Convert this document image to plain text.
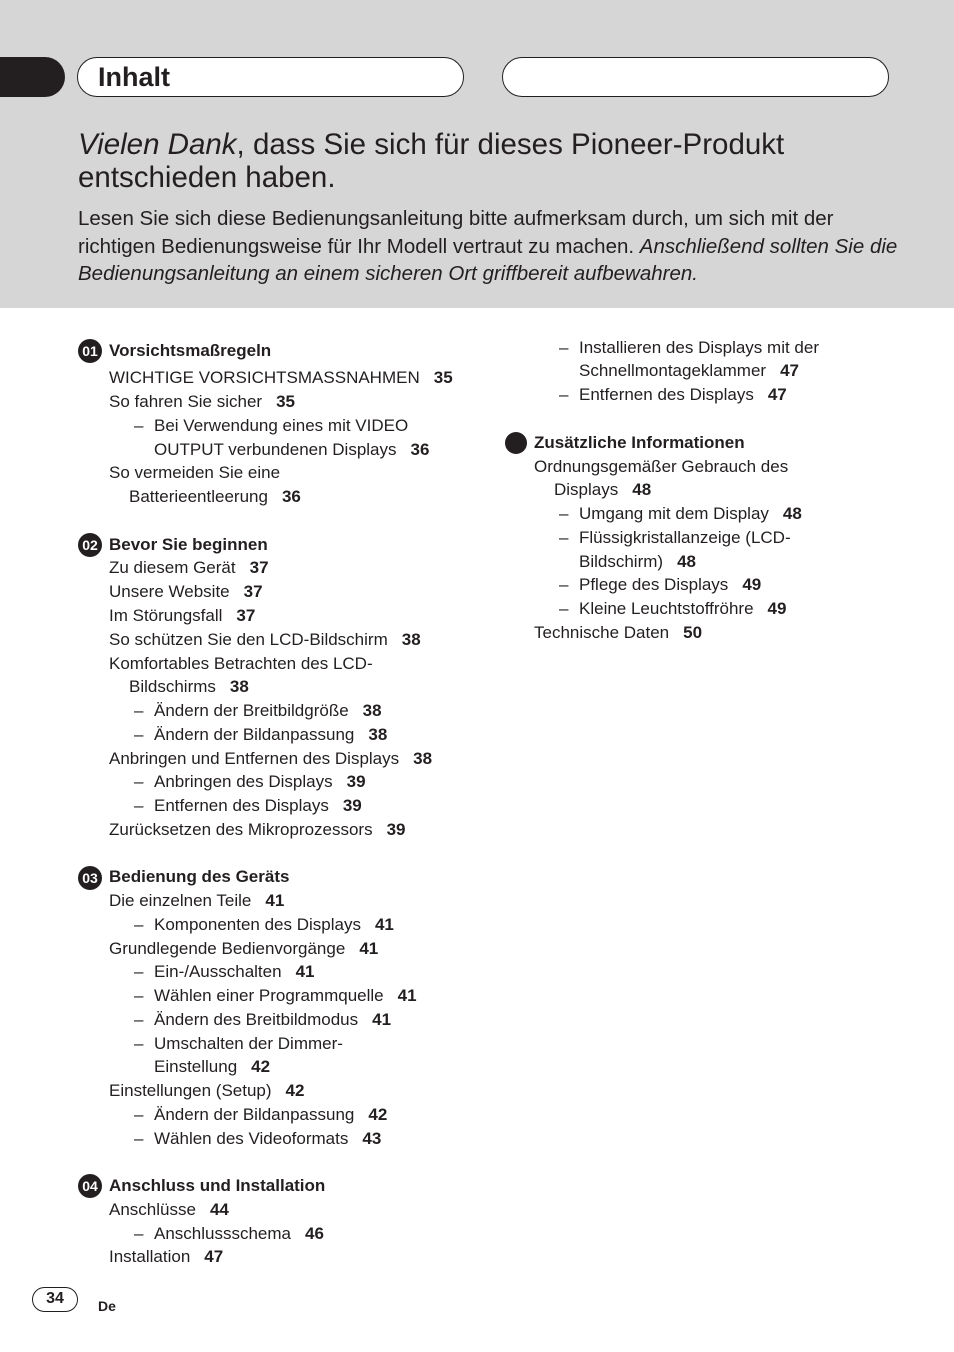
Inhalt
Vielen Dank, dass Sie sich für dieses Pioneer-Produkt entschieden haben.
Lesen Sie sich diese Bedienungsanleitung bitte aufmerksam durch, um sich mit der richtigen Bedienungsweise für Ihr Modell vertraut zu machen. Anschließend sollten Sie die Bedienungsanleitung an einem sicheren Ort griffbereit aufbewahren.
01 Vorsichtsmaßregeln
WICHTIGE VORSICHTSMASSNAHMEN 35
So fahren Sie sicher 35
– Bei Verwendung eines mit VIDEO
OUTPUT verbundenen Displays 36
So vermeiden Sie eine
Batterieentleerung 36
02 Bevor Sie beginnen
Zu diesem Gerät 37
Unsere Website 37
Im Störungsfall 37
So schützen Sie den LCD-Bildschirm 38
Komfortables Betrachten des LCD-
Bildschirms 38
– Ändern der Breitbildgröße 38
– Ändern der Bildanpassung 38
Anbringen und Entfernen des Displays 38
– Anbringen des Displays 39
– Entfernen des Displays 39
Zurücksetzen des Mikroprozessors 39
03 Bedienung des Geräts
Die einzelnen Teile 41
– Komponenten des Displays 41
Grundlegende Bedienvorgänge 41
– Ein-/Ausschalten 41
– Wählen einer Programmquelle 41
– Ändern des Breitbildmodus 41
– Umschalten der Dimmer-
Einstellung 42
Einstellungen (Setup) 42
– Ändern der Bildanpassung 42
– Wählen des Videoformats 43
04 Anschluss und Installation
Anschlüsse 44
– Anschlussschema 46
Installation 47
– Installieren des Displays mit der
Schnellmontageklammer 47
– Entfernen des Displays 47
Zusätzliche Informationen
Ordnungsgemäßer Gebrauch des
Displays 48
– Umgang mit dem Display 48
– Flüssigkristallanzeige (LCD-
Bildschirm) 48
– Pflege des Displays 49
– Kleine Leuchtstoffröhre 49
Technische Daten 50
34	De
